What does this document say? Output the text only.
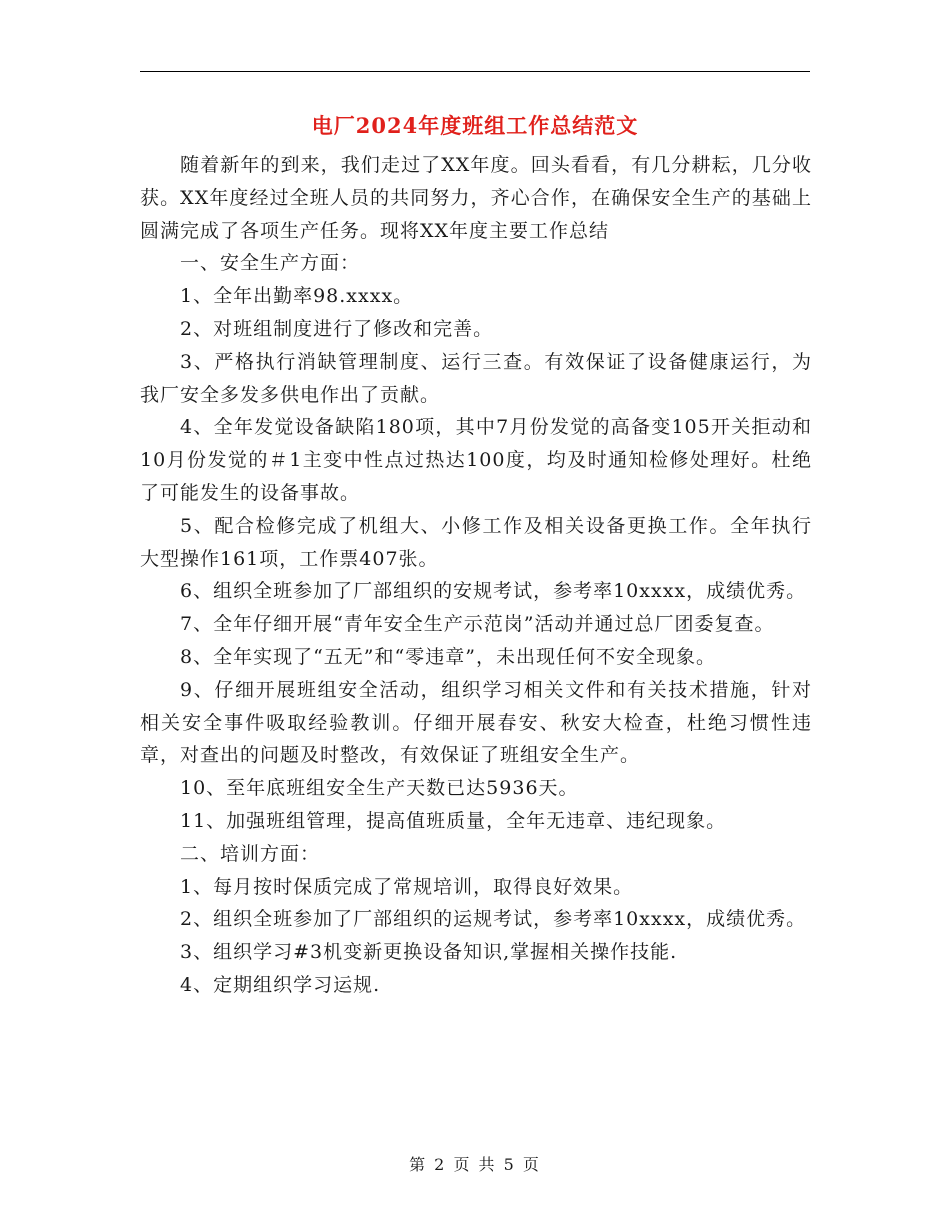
电厂2024年度班组工作总结范文

随着新年的到来，我们走过了XX年度。回头看看，有几分耕耘，几分收获。XX年度经过全班人员的共同努力，齐心合作，在确保安全生产的基础上圆满完成了各项生产任务。现将XX年度主要工作总结

一、安全生产方面：

1、全年出勤率98.xxxx。

2、对班组制度进行了修改和完善。

3、严格执行消缺管理制度、运行三查。有效保证了设备健康运行，为我厂安全多发多供电作出了贡献。

4、全年发觉设备缺陷180项，其中7月份发觉的高备变105开关拒动和10月份发觉的＃1主变中性点过热达100度，均及时通知检修处理好。杜绝了可能发生的设备事故。

5、配合检修完成了机组大、小修工作及相关设备更换工作。全年执行大型操作161项，工作票407张。

6、组织全班参加了厂部组织的安规考试，参考率10xxxx，成绩优秀。

7、全年仔细开展“青年安全生产示范岗”活动并通过总厂团委复查。

8、全年实现了“五无”和“零违章”，未出现任何不安全现象。

9、仔细开展班组安全活动，组织学习相关文件和有关技术措施，针对相关安全事件吸取经验教训。仔细开展春安、秋安大检查，杜绝习惯性违章，对查出的问题及时整改，有效保证了班组安全生产。

10、至年底班组安全生产天数已达5936天。

11、加强班组管理，提高值班质量，全年无违章、违纪现象。

二、培训方面：

1、每月按时保质完成了常规培训，取得良好效果。

2、组织全班参加了厂部组织的运规考试，参考率10xxxx，成绩优秀。

3、组织学习#3机变新更换设备知识,掌握相关操作技能.

4、定期组织学习运规.

第 2 页 共 5 页
